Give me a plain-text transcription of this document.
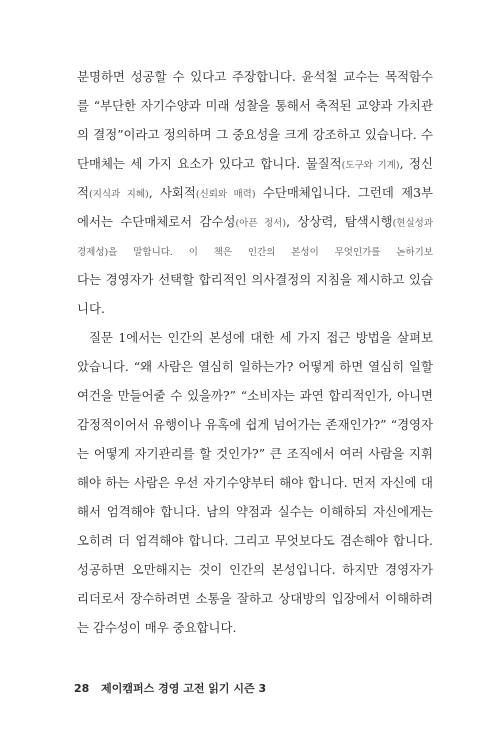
분명하면 성공할 수 있다고 주장합니다. 윤석철 교수는 목적함수
를 “부단한 자기수양과 미래 성찰을 통해서 축적된 교양과 가치관
의 결정”이라고 정의하며 그 중요성을 크게 강조하고 있습니다. 수
단매체는 세 가지 요소가 있다고 합니다. 물질적(도구와 기계), 정신
적(지식과 지혜), 사회적(신뢰와 매력) 수단매체입니다. 그런데 제3부
에서는 수단매체로서 감수성(아픈 정서), 상상력, 탐색시행(현실성과
경제성)을 말합니다. 이 책은 인간의 본성이 무엇인가를 논하기보
다는 경영자가 선택할 합리적인 의사결정의 지침을 제시하고 있습
니다.
질문 1에서는 인간의 본성에 대한 세 가지 접근 방법을 살펴보
았습니다. “왜 사람은 열심히 일하는가? 어떻게 하면 열심히 일할
여건을 만들어줄 수 있을까?” “소비자는 과연 합리적인가, 아니면
감정적이어서 유행이나 유혹에 쉽게 넘어가는 존재인가?” “경영자
는 어떻게 자기관리를 할 것인가?” 큰 조직에서 여러 사람을 지휘
해야 하는 사람은 우선 자기수양부터 해야 합니다. 먼저 자신에 대
해서 엄격해야 합니다. 남의 약점과 실수는 이해하되 자신에게는
오히려 더 엄격해야 합니다. 그리고 무엇보다도 겸손해야 합니다.
성공하면 오만해지는 것이 인간의 본성입니다. 하지만 경영자가
리더로서 장수하려면 소통을 잘하고 상대방의 입장에서 이해하려
는 감수성이 매우 중요합니다.
28 제이캠퍼스 경영 고전 읽기 시즌 3
